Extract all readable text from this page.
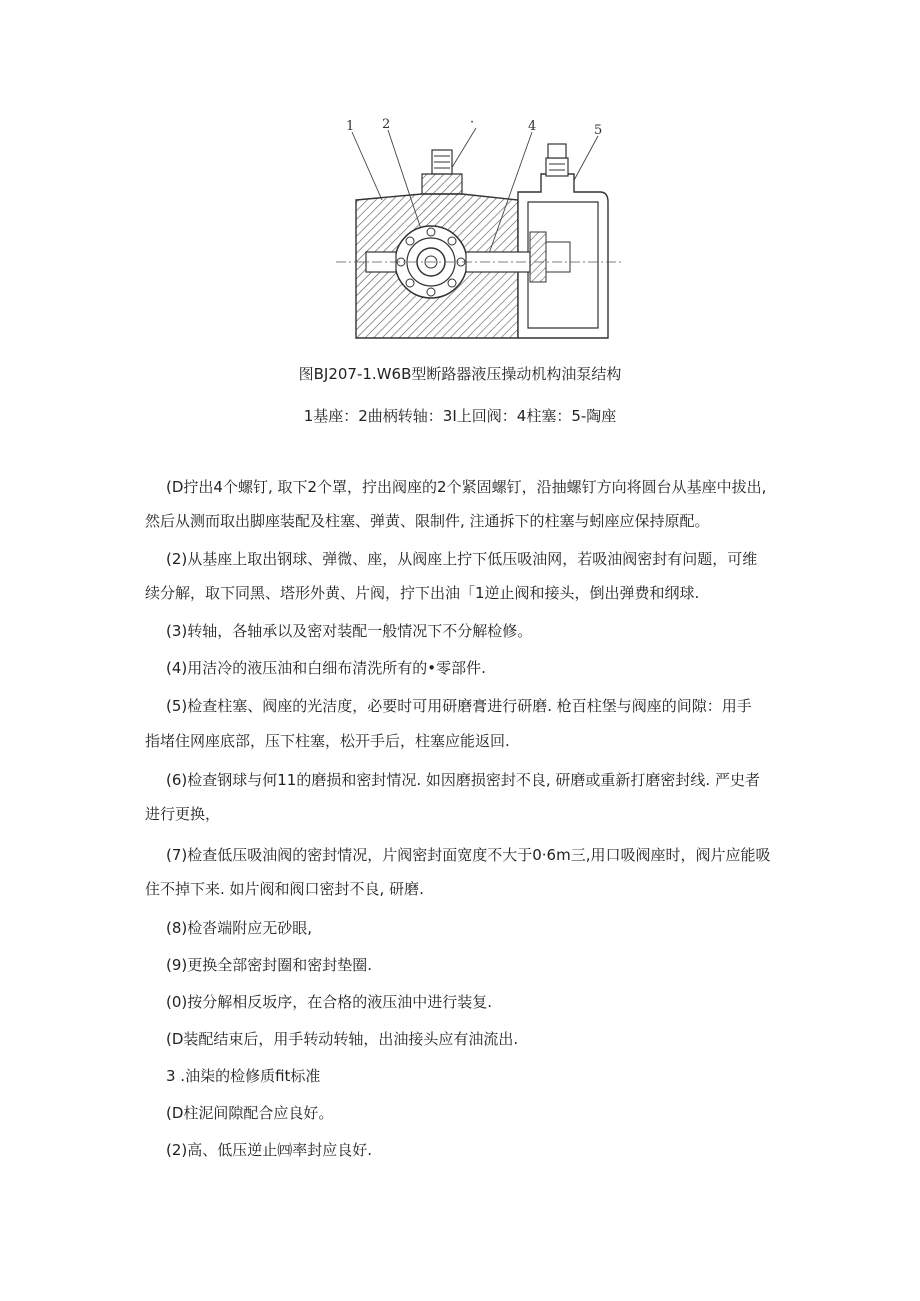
1 2	·	4	5
图BJ207-1.W6B型断路器液压操动机构油泵结构
1基座：2曲柄转轴：3I上回阀：4柱塞：5-陶座
(D拧出4个螺钉, 取下2个罩，拧出阀座的2个紧固螺钉，沿抽螺钉方向将圆台从基座中拔出,
然后从测而取出脚座装配及柱塞、弹黄、限制件, 注通拆下的柱塞与蚓座应保持原配。
(2)从基座上取出钢球、弹微、座，从阀座上拧下低压吸油网，若吸油阀密封有问题，可维
续分解，取下同黑、塔形外黄、片阀，拧下出油「1逆止阀和接头，倒出弹费和纲球.
(3)转轴，各轴承以及密对装配一般情况下不分解检修。
(4)用洁冷的液压油和白细布清洗所有的•零部件.
(5)检查柱塞、阀座的光洁度，必要时可用研磨膏进行研磨. 枪百柱堡与阀座的间隙：用手
指堵住网座底部，压下柱塞，松开手后，柱塞应能返回.
(6)检查钢球与何11的磨损和密封情况. 如因磨损密封不良, 研磨或重新打磨密封线. 严史者
进行更换，
(7)检查低压吸油阀的密封情况，片阀密封面宽度不大于0·6m三,用口吸阀座时，阀片应能吸
住不掉下来. 如片阀和阀口密封不良, 研磨.
(8)检沓端附应无砂眼,
(9)更换全部密封圈和密封垫圈.
(0)按分解相反坂序，在合格的液压油中进行装复.
(D装配结束后，用手转动转轴，出油接头应有油流出.
3 .油柒的检修质fit标准
(D柱泥间隙配合应良好。
(2)高、低压逆止㈣率封应良好.
